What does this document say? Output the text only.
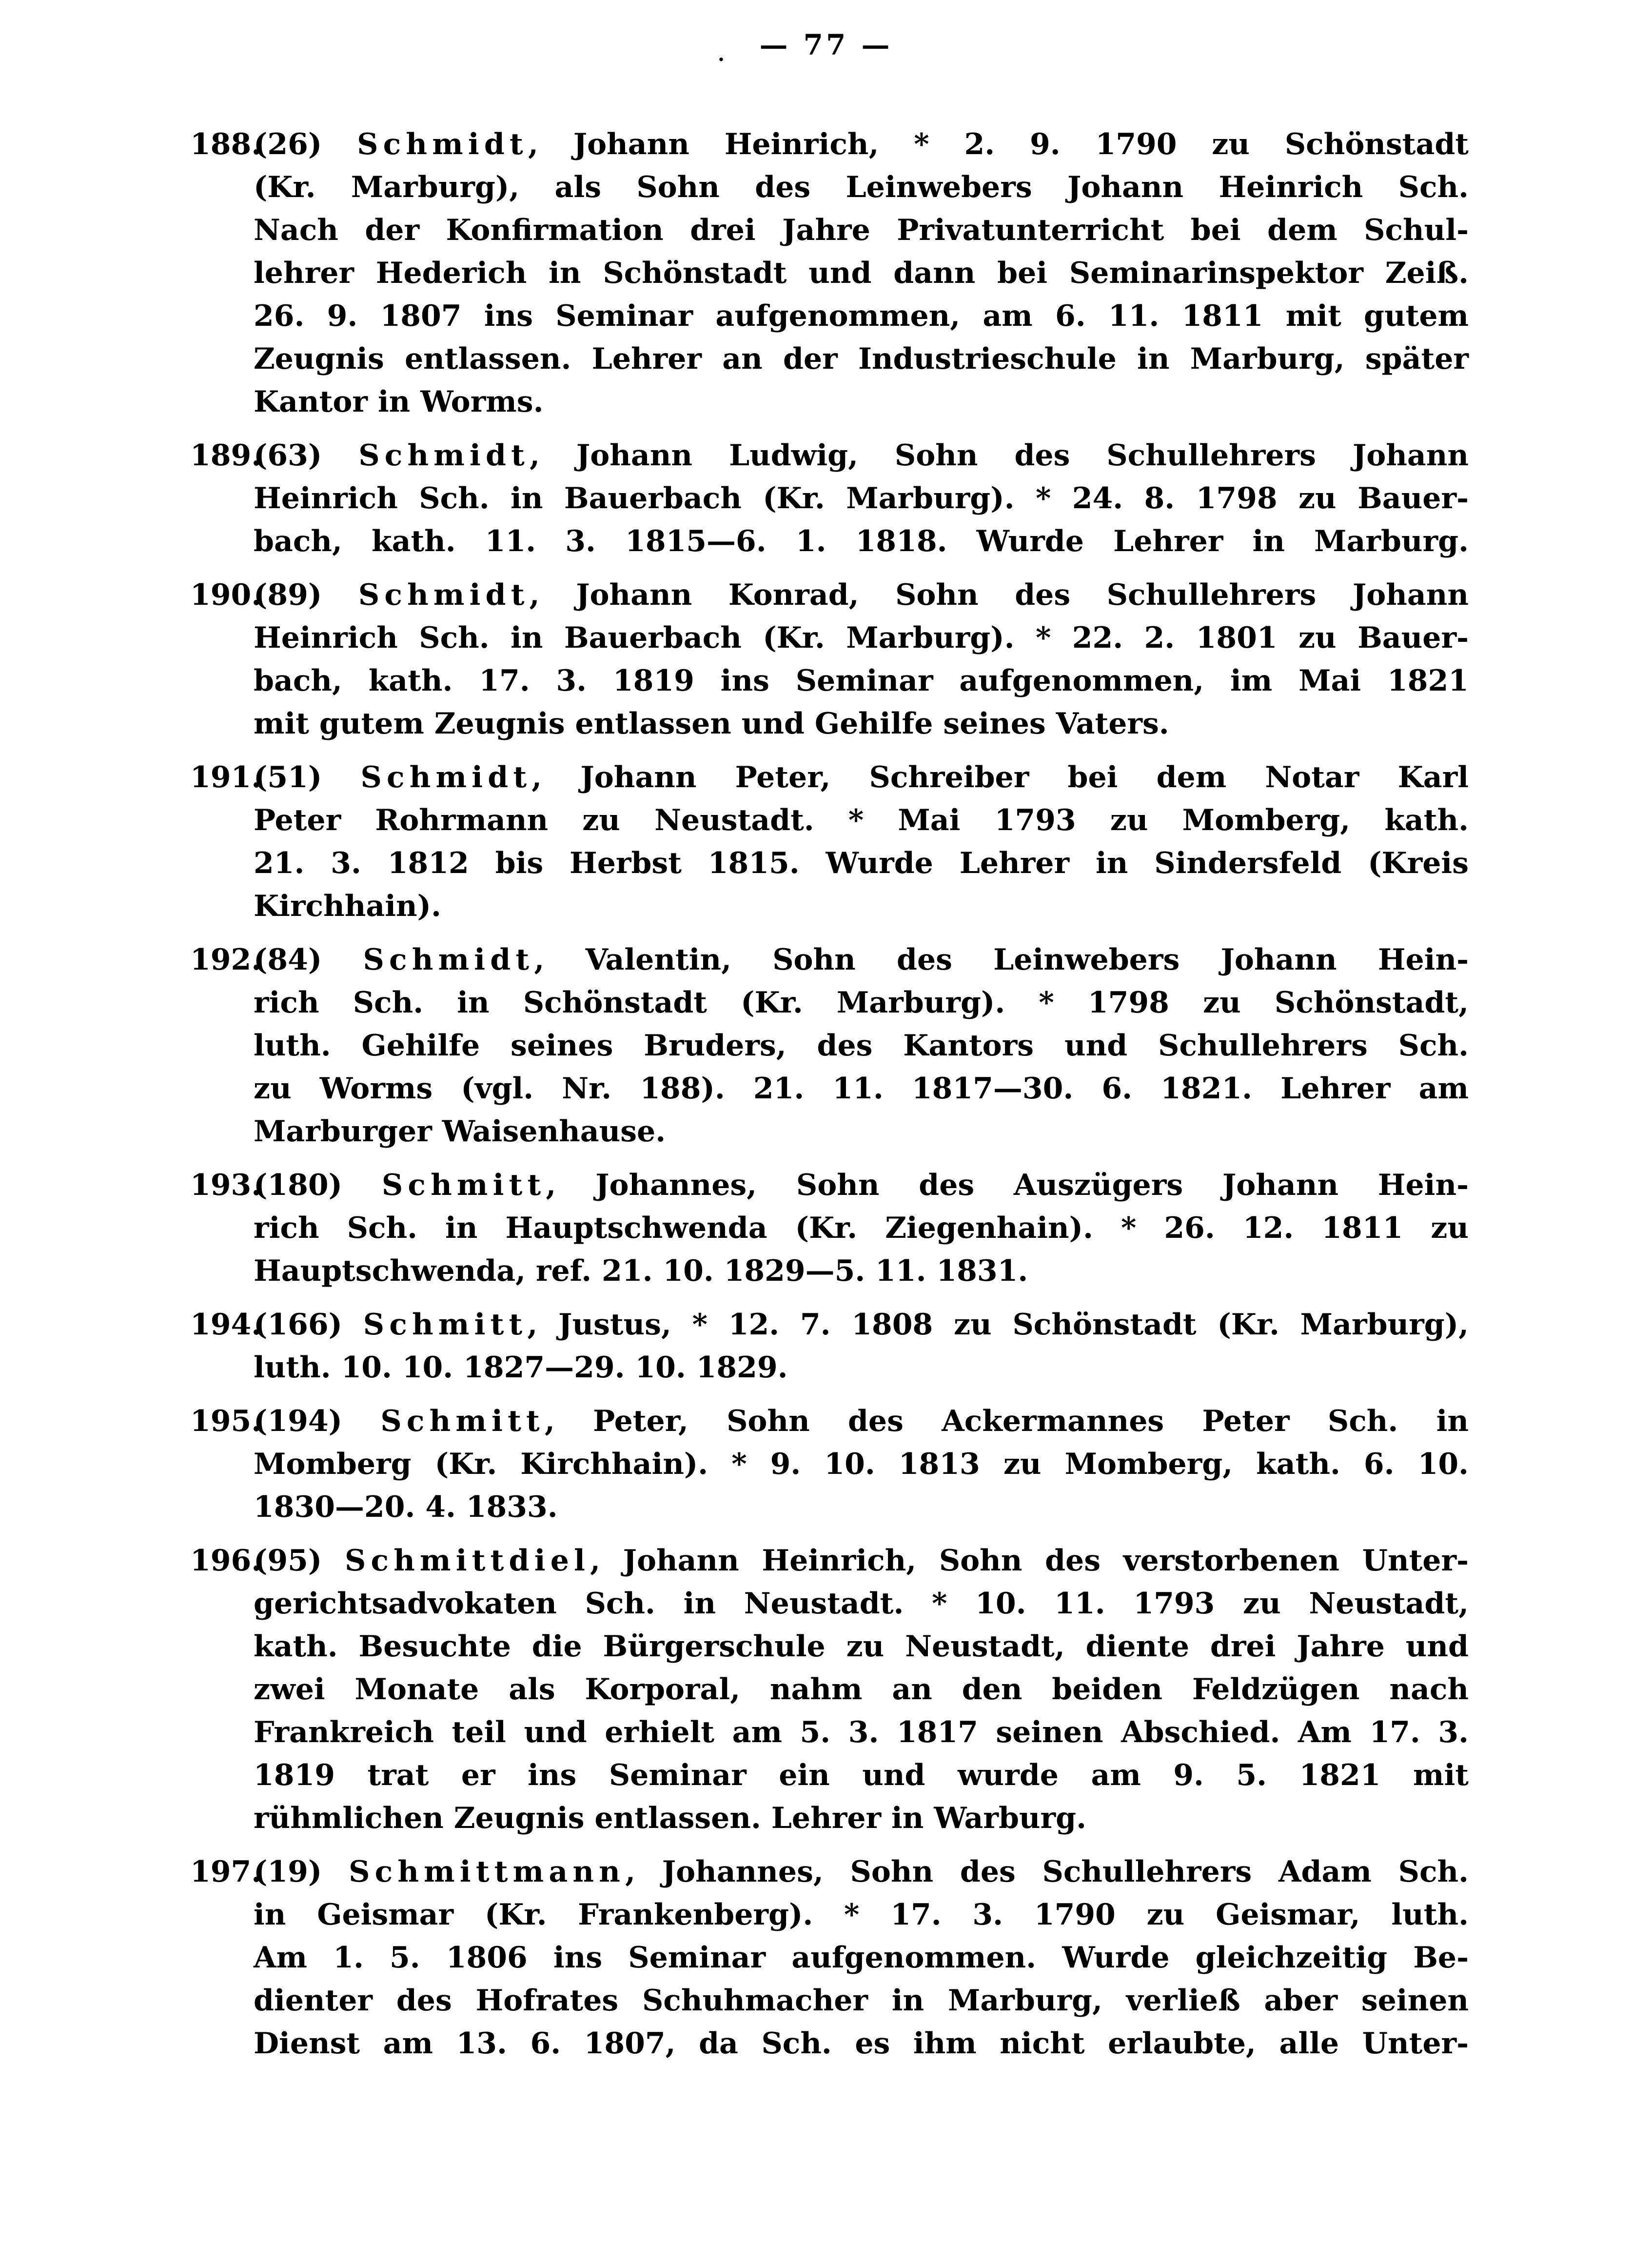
.	— 77 —
188.
(26) Schmidt, Johann Heinrich, * 2. 9. 1790 zu Schönstadt
(Kr. Marburg), als Sohn des Leinwebers Johann Heinrich Sch.
Nach der Konfirmation drei Jahre Privatunterricht bei dem Schul-
lehrer Hederich in Schönstadt und dann bei Seminarinspektor Zeiß.
26. 9. 1807 ins Seminar aufgenommen, am 6. 11. 1811 mit gutem
Zeugnis entlassen. Lehrer an der Industrieschule in Marburg, später
Kantor in Worms.
189.
(63) Schmidt, Johann Ludwig, Sohn des Schullehrers Johann
Heinrich Sch. in Bauerbach (Kr. Marburg). * 24. 8. 1798 zu Bauer-
bach, kath. 11. 3. 1815—6. 1. 1818. Wurde Lehrer in Marburg.
190.
(89) Schmidt, Johann Konrad, Sohn des Schullehrers Johann
Heinrich Sch. in Bauerbach (Kr. Marburg). * 22. 2. 1801 zu Bauer-
bach, kath. 17. 3. 1819 ins Seminar aufgenommen, im Mai 1821
mit gutem Zeugnis entlassen und Gehilfe seines Vaters.
191.
(51) Schmidt, Johann Peter, Schreiber bei dem Notar Karl
Peter Rohrmann zu Neustadt. * Mai 1793 zu Momberg, kath.
21. 3. 1812 bis Herbst 1815. Wurde Lehrer in Sindersfeld (Kreis
Kirchhain).
192.
(84) Schmidt, Valentin, Sohn des Leinwebers Johann Hein-
rich Sch. in Schönstadt (Kr. Marburg). * 1798 zu Schönstadt,
luth. Gehilfe seines Bruders, des Kantors und Schullehrers Sch.
zu Worms (vgl. Nr. 188). 21. 11. 1817—30. 6. 1821. Lehrer am
Marburger Waisenhause.
193.
(180) Schmitt, Johannes, Sohn des Auszügers Johann Hein-
rich Sch. in Hauptschwenda (Kr. Ziegenhain). * 26. 12. 1811 zu
Hauptschwenda, ref. 21. 10. 1829—5. 11. 1831.
194.
(166) Schmitt, Justus, * 12. 7. 1808 zu Schönstadt (Kr. Marburg),
luth. 10. 10. 1827—29. 10. 1829.
195.
(194) Schmitt, Peter, Sohn des Ackermannes Peter Sch. in
Momberg (Kr. Kirchhain). * 9. 10. 1813 zu Momberg, kath. 6. 10.
1830—20. 4. 1833.
196.
(95) Schmittdiel, Johann Heinrich, Sohn des verstorbenen Unter-
gerichtsadvokaten Sch. in Neustadt. * 10. 11. 1793 zu Neustadt,
kath. Besuchte die Bürgerschule zu Neustadt, diente drei Jahre und
zwei Monate als Korporal, nahm an den beiden Feldzügen nach
Frankreich teil und erhielt am 5. 3. 1817 seinen Abschied. Am 17. 3.
1819 trat er ins Seminar ein und wurde am 9. 5. 1821 mit
rühmlichen Zeugnis entlassen. Lehrer in Warburg.
197.
(19) Schmittmann, Johannes, Sohn des Schullehrers Adam Sch.
in Geismar (Kr. Frankenberg). * 17. 3. 1790 zu Geismar, luth.
Am 1. 5. 1806 ins Seminar aufgenommen. Wurde gleichzeitig Be-
dienter des Hofrates Schuhmacher in Marburg, verließ aber seinen
Dienst am 13. 6. 1807, da Sch. es ihm nicht erlaubte, alle Unter-
